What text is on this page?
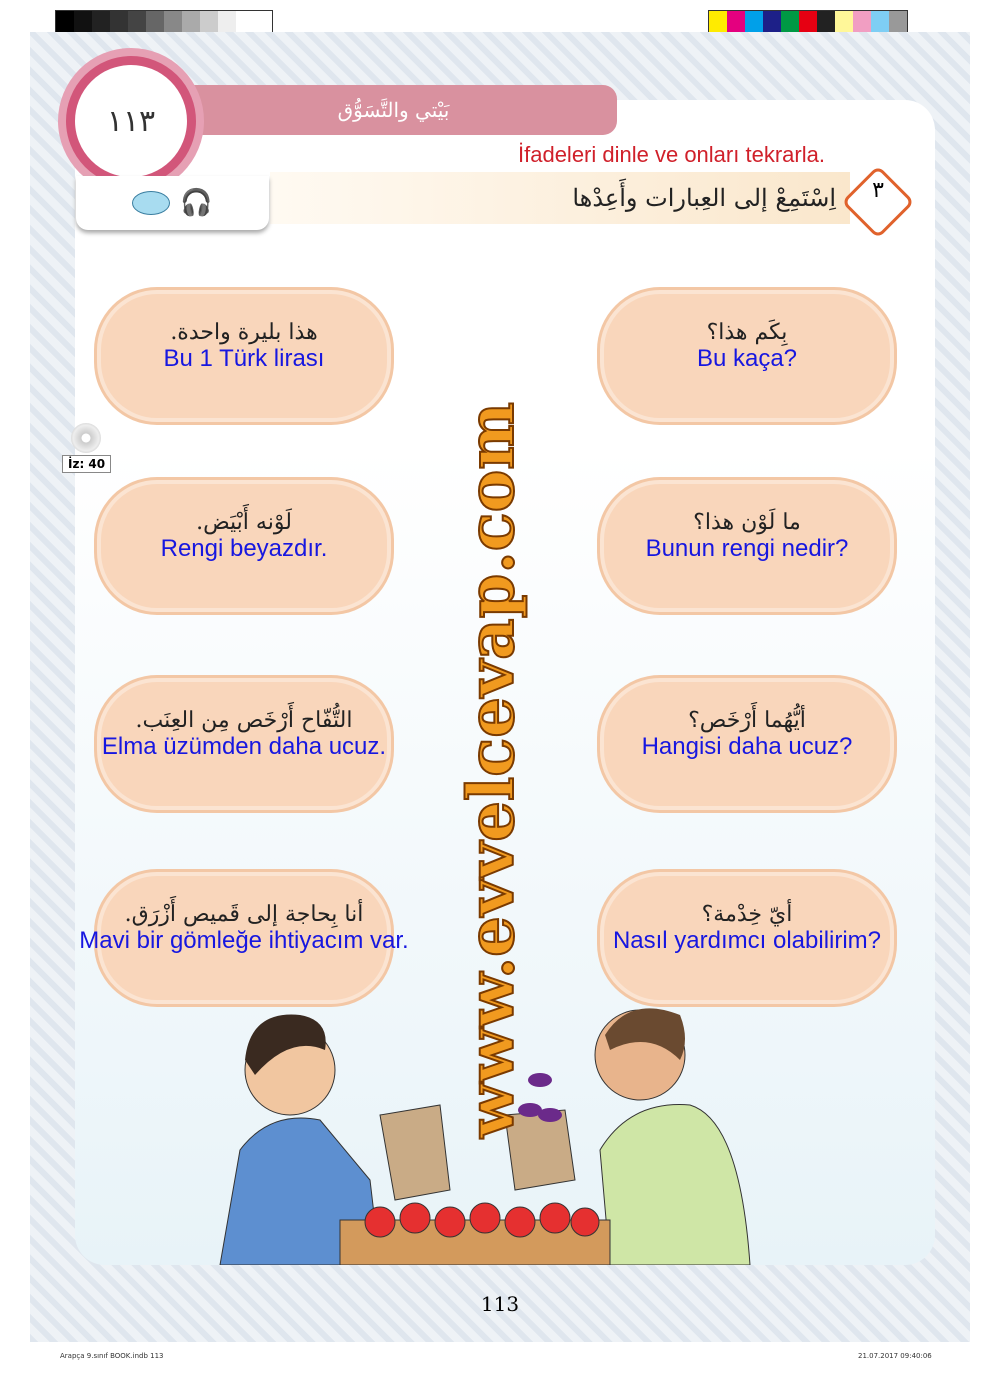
بَيْتي والتَّسَوُّق
١١٣
İfadeleri dinle ve onları tekrarla.
اِسْتَمِعْ إلى العِبارات وأَعِدْها
🎧	٣
İz: 40
بِكَم هذا؟
Bu kaça?
هذا بليرة واحدة.
Bu 1 Türk lirası
ما لَوْن هذا؟
Bunun rengi nedir?
لَوْنه أَبْيَض.
Rengi beyazdır.
أيُّهُما أَرْخَص؟
Hangisi daha ucuz?
التُّفّاح أَرْخَص مِن العِنَب.
Elma üzümden daha ucuz.
أيّ خِدْمة؟
Nasıl yardımcı olabilirim?
أنا بِحاجة إلى قَميص أَزْرَق.
Mavi bir gömleğe ihtiyacım var. www.evvelcevap.com
113
Arapça 9.sınıf BOOK.indb 113	21.07.2017 09:40:06
